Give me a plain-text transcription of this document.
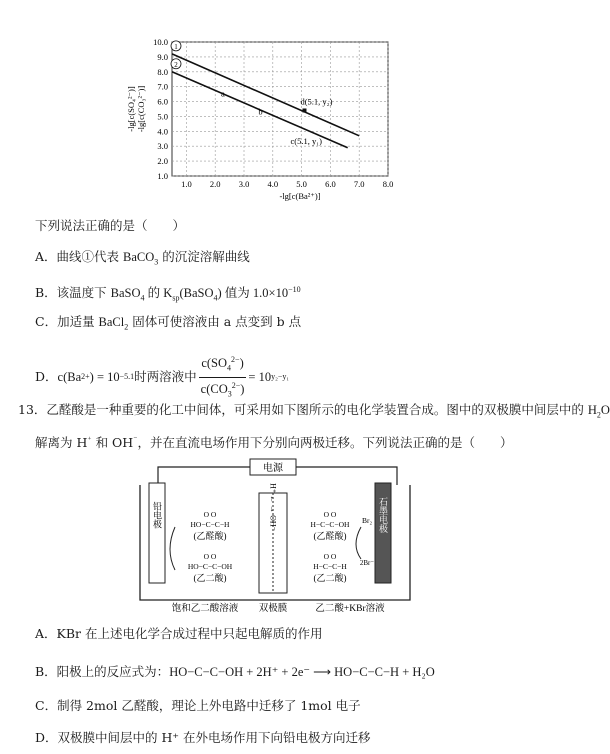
1.0 2.0 3.0 4.0 5.0 6.0 7.0 8.0
1.0
2.0
3.0
4.0
5.0
6.0
7.0
8.0
9.0
10.0
-lg[c(Ba²⁺)]
-lg[c(SO₄²⁻)] -lg[c(CO₃²⁻)]
1
2
a
b
d(5.1, y₂)
c(5.1, y₁)
下列说法正确的是（　　）
A．曲线①代表 BaCO$_3$ 的沉淀溶解曲线
B．该温度下 BaSO$_4$ 的 $K_{sp}(BaSO_4)$ 值为 $1.0\times 10^{-10}$
C．加适量 BaCl$_2$ 固体可使溶液由 a 点变到 b 点
D． c(Ba 2+ ) = 10 −5.1 时两溶液中 $\frac{c(SO_4^{2-})}{c(CO_3^{2-})} = 10$ y₂−y₁
13．乙醛酸是一种重要的化工中间体，可采用如下图所示的电化学装置合成。图中的双极膜中间层中的 $H_2O$
解离为 H⁺ 和 OH⁻，并在直流电场作用下分别向两极迁移。下列说法正确的是（　　）
电源
铅电极	石墨电极
H⁺ ← → OH⁻
O O
HO−C−C−H
(乙醛酸)
O O
HO−C−C−OH
(乙二酸)
O O
H−C−C−OH
(乙醛酸)
O O
H−C−C−H
(乙二酸)
Br₂
2Br⁻
饱和乙二酸溶液 双极膜	乙二酸+KBr溶液
A．KBr 在上述电化学合成过程中只起电解质的作用
B．阳极上的反应式为：HO−C−C−OH + 2H⁺ + 2e⁻ ⟶ HO−C−C−H + H₂O
C．制得 2mol 乙醛酸，理论上外电路中迁移了 1mol 电子
D．双极膜中间层中的 H⁺ 在外电场作用下向铅电极方向迁移
